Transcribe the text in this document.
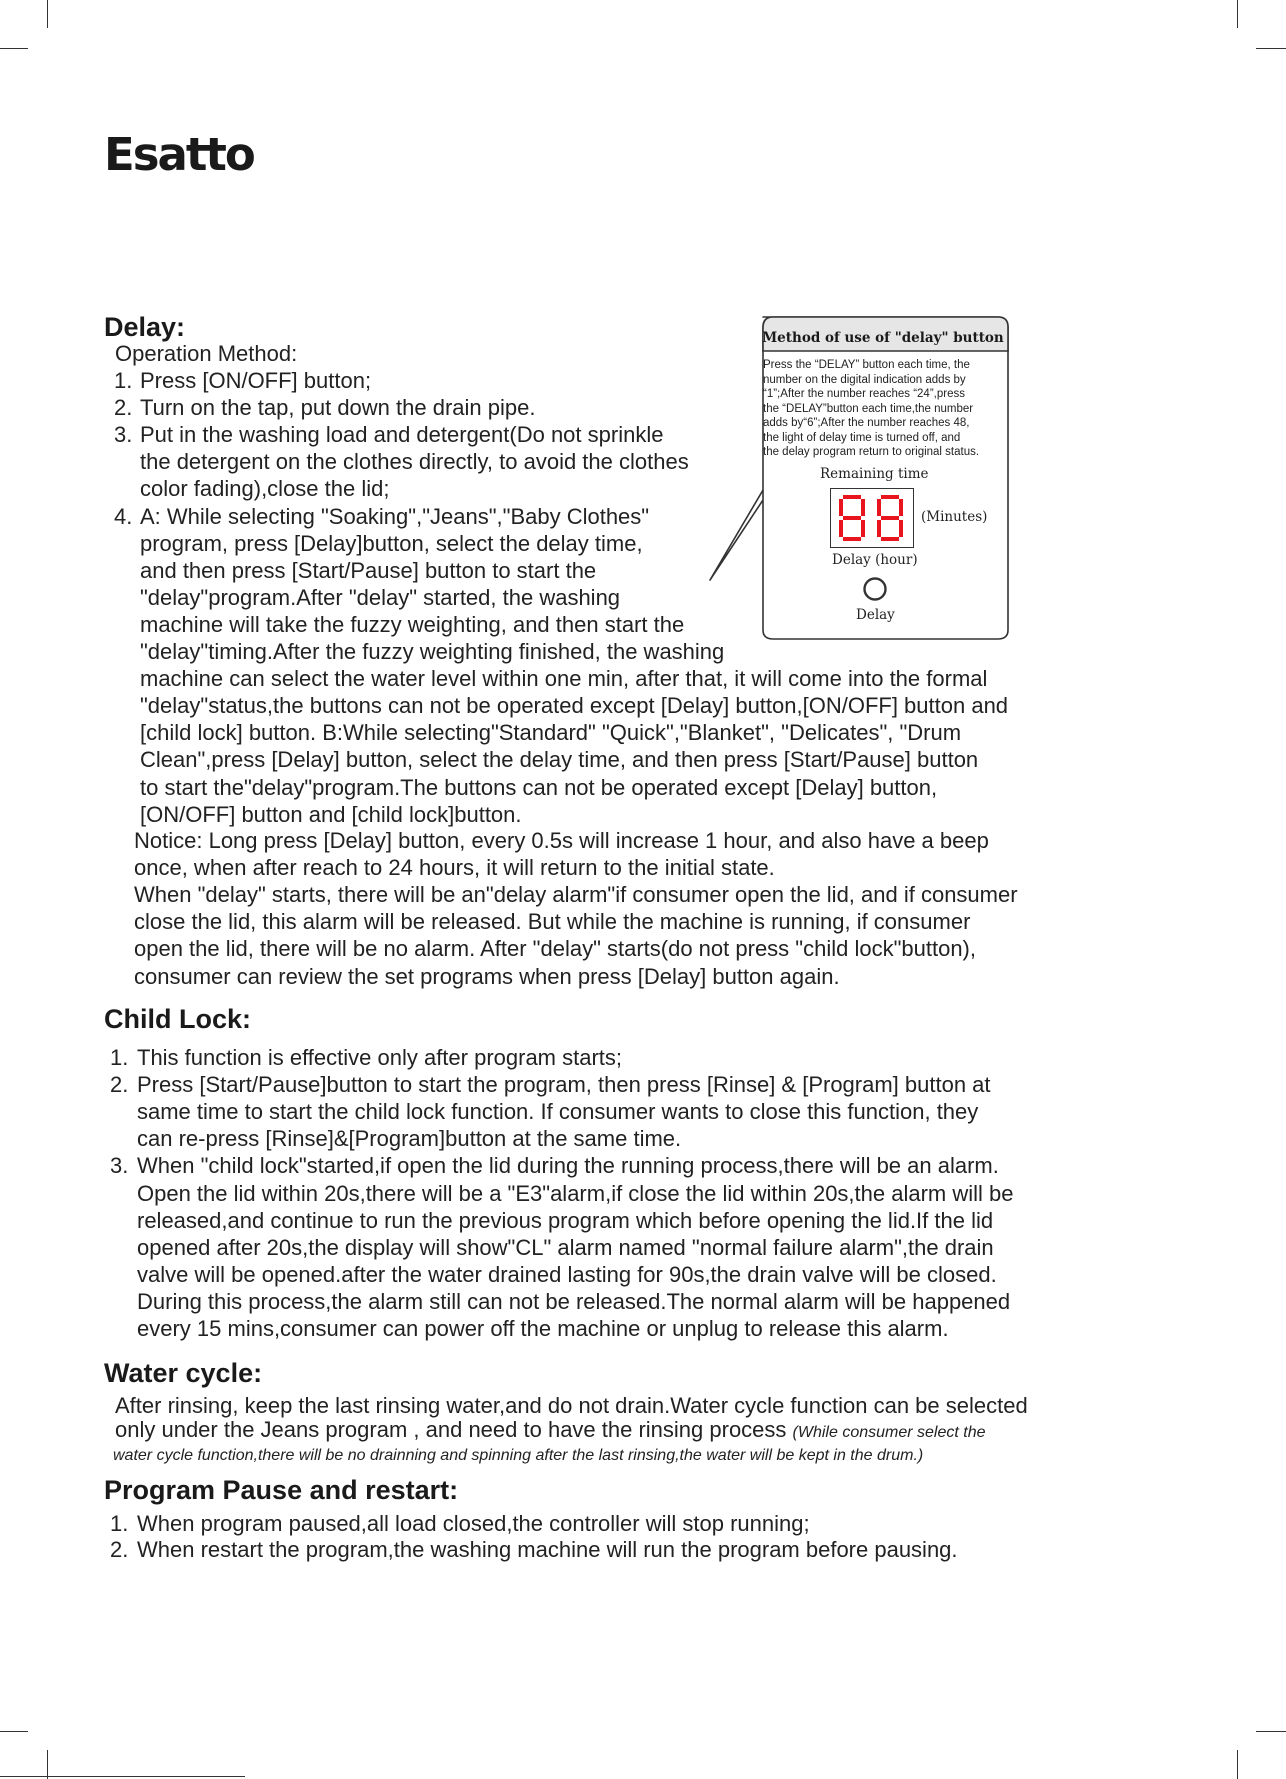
Esatto
Delay:

Operation Method:

1. Press [ON/OFF] button;

2. Turn on the tap, put down the drain pipe.

3. Put in the washing load and detergent(Do not sprinkle

the detergent on the clothes directly, to avoid the clothes

color fading),close the lid;

4. A: While selecting "Soaking","Jeans","Baby Clothes"

program, press [Delay]button, select the delay time,

and then press [Start/Pause] button to start the

"delay"program.After "delay" started, the washing

machine will take the fuzzy weighting, and then start the

"delay"timing.After the fuzzy weighting finished, the washing

machine can select the water level within one min, after that, it will come into the formal

"delay"status,the buttons can not be operated except [Delay] button,[ON/OFF] button and

[child lock] button. B:While selecting"Standard" "Quick","Blanket", "Delicates", "Drum

Clean",press [Delay] button, select the delay time, and then press [Start/Pause] button

to start the"delay"program.The buttons can not be operated except [Delay] button,

[ON/OFF] button and [child lock]button.

Notice: Long press [Delay] button, every 0.5s will increase 1 hour, and also have a beep

once, when after reach to 24 hours, it will return to the initial state.

When "delay" starts, there will be an"delay alarm"if consumer open the lid, and if consumer

close the lid, this alarm will be released. But while the machine is running, if consumer

open the lid, there will be no alarm. After "delay" starts(do not press "child lock"button),

consumer can review the set programs when press [Delay] button again.

Method of use of "delay" button
Press the “DELAY” button each time, the
number on the digital indication adds by
“1”;After the number reaches “24”,press
the “DELAY”button each time,the number
adds by“6”;After the number reaches 48,
the light of delay time is turned off, and
the delay program return to original status.
Remaining time
(Minutes)
Delay (hour)
Delay
Child Lock:

1. This function is effective only after program starts;

2. Press [Start/Pause]button to start the program, then press [Rinse] & [Program] button at

same time to start the child lock function. If consumer wants to close this function, they

can re-press [Rinse]&[Program]button at the same time.

3. When "child lock"started,if open the lid during the running process,there will be an alarm.

Open the lid within 20s,there will be a "E3"alarm,if close the lid within 20s,the alarm will be

released,and continue to run the previous program which before opening the lid.If the lid

opened after 20s,the display will show"CL" alarm named "normal failure alarm",the drain

valve will be opened.after the water drained lasting for 90s,the drain valve will be closed.

During this process,the alarm still can not be released.The normal alarm will be happened

every 15 mins,consumer can power off the machine or unplug to release this alarm.

Water cycle:

After rinsing, keep the last rinsing water,and do not drain.Water cycle function can be selected

only under the Jeans program , and need to have the rinsing process (While consumer select the

water cycle function,there will be no drainning and spinning after the last rinsing,the water will be kept in the drum.)

Program Pause and restart:

1. When program paused,all load closed,the controller will stop running;

2. When restart the program,the washing machine will run the program before pausing.
